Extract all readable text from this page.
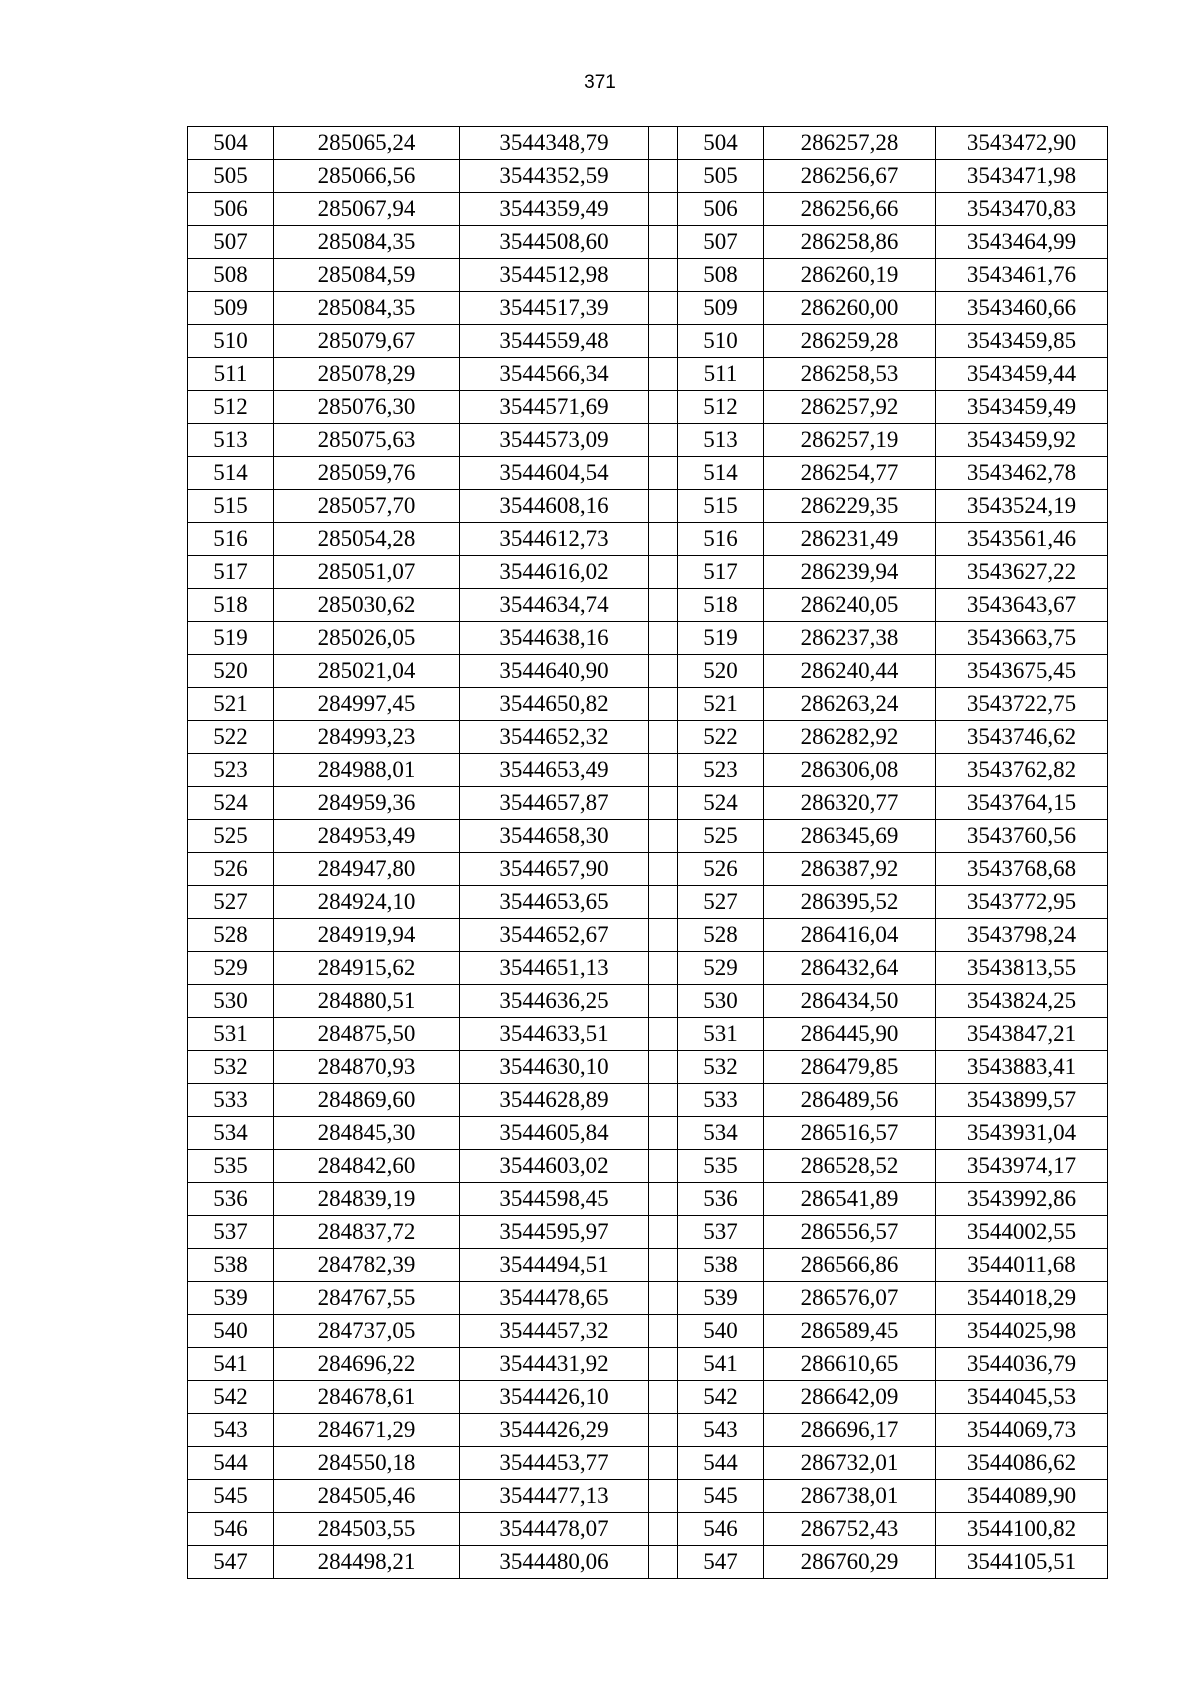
371
504	285065,24	3544348,79		504	286257,28	3543472,90
505	285066,56	3544352,59		505	286256,67	3543471,98
506	285067,94	3544359,49		506	286256,66	3543470,83
507	285084,35	3544508,60		507	286258,86	3543464,99
508	285084,59	3544512,98		508	286260,19	3543461,76
509	285084,35	3544517,39		509	286260,00	3543460,66
510	285079,67	3544559,48		510	286259,28	3543459,85
511	285078,29	3544566,34		511	286258,53	3543459,44
512	285076,30	3544571,69		512	286257,92	3543459,49
513	285075,63	3544573,09		513	286257,19	3543459,92
514	285059,76	3544604,54		514	286254,77	3543462,78
515	285057,70	3544608,16		515	286229,35	3543524,19
516	285054,28	3544612,73		516	286231,49	3543561,46
517	285051,07	3544616,02		517	286239,94	3543627,22
518	285030,62	3544634,74		518	286240,05	3543643,67
519	285026,05	3544638,16		519	286237,38	3543663,75
520	285021,04	3544640,90		520	286240,44	3543675,45
521	284997,45	3544650,82		521	286263,24	3543722,75
522	284993,23	3544652,32		522	286282,92	3543746,62
523	284988,01	3544653,49		523	286306,08	3543762,82
524	284959,36	3544657,87		524	286320,77	3543764,15
525	284953,49	3544658,30		525	286345,69	3543760,56
526	284947,80	3544657,90		526	286387,92	3543768,68
527	284924,10	3544653,65		527	286395,52	3543772,95
528	284919,94	3544652,67		528	286416,04	3543798,24
529	284915,62	3544651,13		529	286432,64	3543813,55
530	284880,51	3544636,25		530	286434,50	3543824,25
531	284875,50	3544633,51		531	286445,90	3543847,21
532	284870,93	3544630,10		532	286479,85	3543883,41
533	284869,60	3544628,89		533	286489,56	3543899,57
534	284845,30	3544605,84		534	286516,57	3543931,04
535	284842,60	3544603,02		535	286528,52	3543974,17
536	284839,19	3544598,45		536	286541,89	3543992,86
537	284837,72	3544595,97		537	286556,57	3544002,55
538	284782,39	3544494,51		538	286566,86	3544011,68
539	284767,55	3544478,65		539	286576,07	3544018,29
540	284737,05	3544457,32		540	286589,45	3544025,98
541	284696,22	3544431,92		541	286610,65	3544036,79
542	284678,61	3544426,10		542	286642,09	3544045,53
543	284671,29	3544426,29		543	286696,17	3544069,73
544	284550,18	3544453,77		544	286732,01	3544086,62
545	284505,46	3544477,13		545	286738,01	3544089,90
546	284503,55	3544478,07		546	286752,43	3544100,82
547	284498,21	3544480,06		547	286760,29	3544105,51
